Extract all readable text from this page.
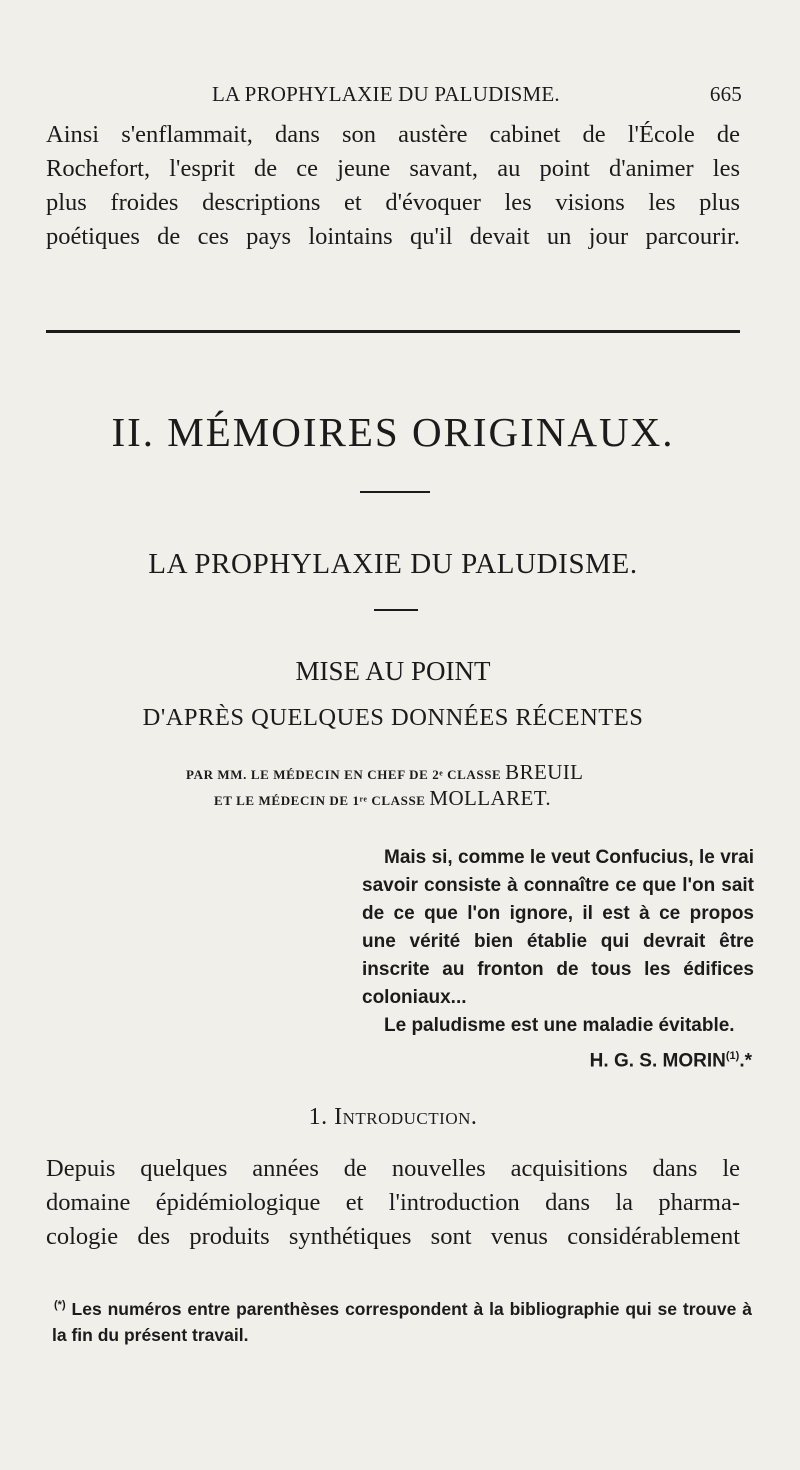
LA PROPHYLAXIE DU PALUDISME.	665
Ainsi s'enflammait, dans son austère cabinet de l'École de
Rochefort, l'esprit de ce jeune savant, au point d'animer les
plus froides descriptions et d'évoquer les visions les plus
poétiques de ces pays lointains qu'il devait un jour parcourir.
II. MÉMOIRES ORIGINAUX.
LA PROPHYLAXIE DU PALUDISME.
MISE AU POINT
D'APRÈS QUELQUES DONNÉES RÉCENTES
PAR MM. LE MÉDECIN EN CHEF DE 2ᵉ CLASSE BREUIL
ET LE MÉDECIN DE 1ʳᵉ CLASSE MOLLARET.
Mais si, comme le veut Confucius, le vrai savoir consiste à connaître ce que l'on sait de ce que l'on ignore, il est à ce propos une vérité bien établie qui devrait être inscrite au fronton de tous les édifices coloniaux...
Le paludisme est une maladie évitable.
H. G. S. MORIN$^{(1)}$.*
1. Introduction.
Depuis quelques années de nouvelles acquisitions dans le
domaine épidémiologique et l'introduction dans la pharma-
cologie des produits synthétiques sont venus considérablement
(*) Les numéros entre parenthèses correspondent à la bibliographie qui se trouve à la fin du présent travail.
